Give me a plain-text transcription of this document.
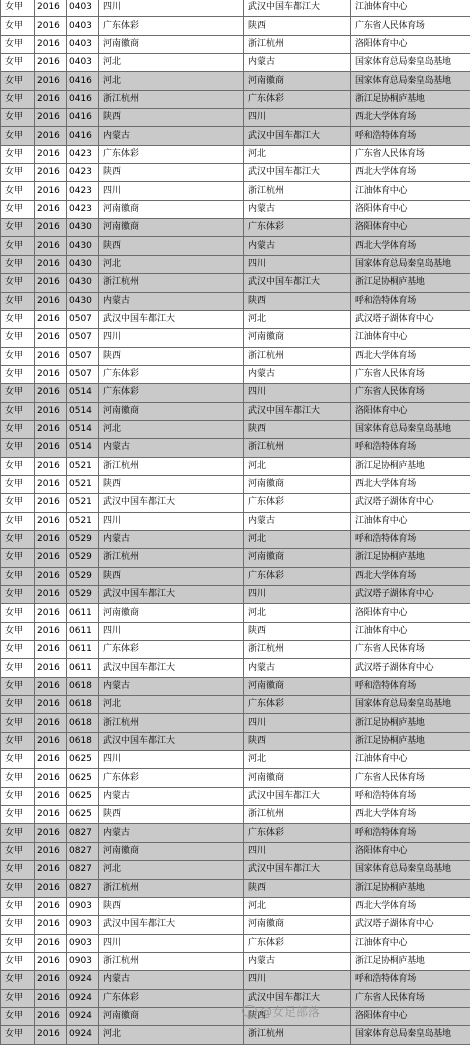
女甲	2016	0403	四川	武汉中国车都江大	江油体育中心
女甲	2016	0403	广东体彩	陕西	广东省人民体育场
女甲	2016	0403	河南徽商	浙江杭州	洛阳体育中心
女甲	2016	0403	河北	内蒙古	国家体育总局秦皇岛基地
女甲	2016	0416	河北	河南徽商	国家体育总局秦皇岛基地
女甲	2016	0416	浙江杭州	广东体彩	浙江足协桐庐基地
女甲	2016	0416	陕西	四川	西北大学体育场
女甲	2016	0416	内蒙古	武汉中国车都江大	呼和浩特体育场
女甲	2016	0423	广东体彩	河北	广东省人民体育场
女甲	2016	0423	陕西	武汉中国车都江大	西北大学体育场
女甲	2016	0423	四川	浙江杭州	江油体育中心
女甲	2016	0423	河南徽商	内蒙古	洛阳体育中心
女甲	2016	0430	河南徽商	广东体彩	洛阳体育中心
女甲	2016	0430	陕西	内蒙古	西北大学体育场
女甲	2016	0430	河北	四川	国家体育总局秦皇岛基地
女甲	2016	0430	浙江杭州	武汉中国车都江大	浙江足协桐庐基地
女甲	2016	0430	内蒙古	陕西	呼和浩特体育场
女甲	2016	0507	武汉中国车都江大	河北	武汉塔子湖体育中心
女甲	2016	0507	四川	河南徽商	江油体育中心
女甲	2016	0507	陕西	浙江杭州	西北大学体育场
女甲	2016	0507	广东体彩	内蒙古	广东省人民体育场
女甲	2016	0514	广东体彩	四川	广东省人民体育场
女甲	2016	0514	河南徽商	武汉中国车都江大	洛阳体育中心
女甲	2016	0514	河北	陕西	国家体育总局秦皇岛基地
女甲	2016	0514	内蒙古	浙江杭州	呼和浩特体育场
女甲	2016	0521	浙江杭州	河北	浙江足协桐庐基地
女甲	2016	0521	陕西	河南徽商	西北大学体育场
女甲	2016	0521	武汉中国车都江大	广东体彩	武汉塔子湖体育中心
女甲	2016	0521	四川	内蒙古	江油体育中心
女甲	2016	0529	内蒙古	河北	呼和浩特体育场
女甲	2016	0529	浙江杭州	河南徽商	浙江足协桐庐基地
女甲	2016	0529	陕西	广东体彩	西北大学体育场
女甲	2016	0529	武汉中国车都江大	四川	武汉塔子湖体育中心
女甲	2016	0611	河南徽商	河北	洛阳体育中心
女甲	2016	0611	四川	陕西	江油体育中心
女甲	2016	0611	广东体彩	浙江杭州	广东省人民体育场
女甲	2016	0611	武汉中国车都江大	内蒙古	武汉塔子湖体育中心
女甲	2016	0618	内蒙古	河南徽商	呼和浩特体育场
女甲	2016	0618	河北	广东体彩	国家体育总局秦皇岛基地
女甲	2016	0618	浙江杭州	四川	浙江足协桐庐基地
女甲	2016	0618	武汉中国车都江大	陕西	浙江足协桐庐基地
女甲	2016	0625	四川	河北	江油体育中心
女甲	2016	0625	广东体彩	河南徽商	广东省人民体育场
女甲	2016	0625	内蒙古	武汉中国车都江大	呼和浩特体育场
女甲	2016	0625	陕西	浙江杭州	西北大学体育场
女甲	2016	0827	内蒙古	广东体彩	呼和浩特体育场
女甲	2016	0827	河南徽商	四川	洛阳体育中心
女甲	2016	0827	河北	武汉中国车都江大	国家体育总局秦皇岛基地
女甲	2016	0827	浙江杭州	陕西	浙江足协桐庐基地
女甲	2016	0903	陕西	河北	西北大学体育场
女甲	2016	0903	武汉中国车都江大	河南徽商	武汉塔子湖体育中心
女甲	2016	0903	四川	广东体彩	江油体育中心
女甲	2016	0903	浙江杭州	内蒙古	浙江足协桐庐基地
女甲	2016	0924	内蒙古	四川	呼和浩特体育场
女甲	2016	0924	广东体彩	武汉中国车都江大	广东省人民体育场
女甲	2016	0924	河南徽商	陕西	洛阳体育中心
女甲	2016	0924	河北	浙江杭州	国家体育总局秦皇岛基地
@女足部落
